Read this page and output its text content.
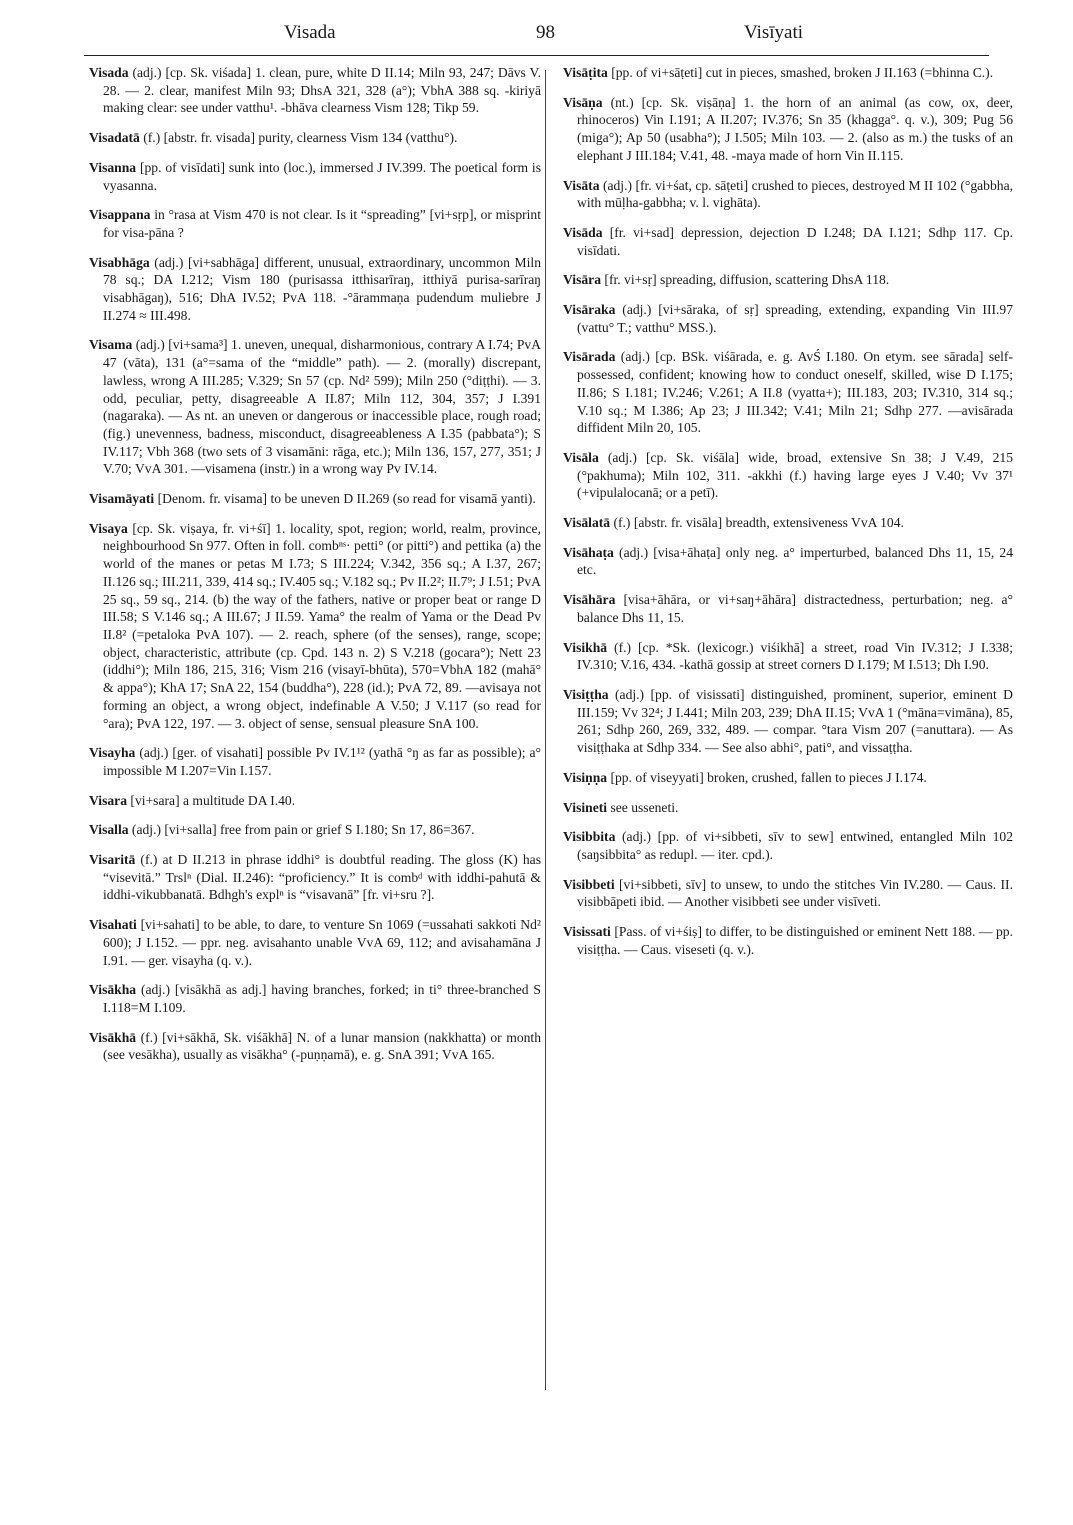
Visada	98	Visīyati

Visada (adj.) [cp. Sk. viśada] 1. clean, pure, white D II.14; Miln 93, 247; Dāvs V. 28. — 2. clear, manifest Miln 93; DhsA 321, 328 (a°); VbhA 388 sq. -kiriyā making clear: see under vatthu¹. -bhāva clearness Vism 128; Tikp 59.

Visadatā (f.) [abstr. fr. visada] purity, clearness Vism 134 (vatthu°).

Visanna [pp. of visīdati] sunk into (loc.), immersed J IV.399. The poetical form is vyasanna.

Visappana in °rasa at Vism 470 is not clear. Is it “spreading” [vi+sṛp], or misprint for visa-pāna ?

Visabhāga (adj.) [vi+sabhāga] different, unusual, extraordinary, uncommon Miln 78 sq.; DA I.212; Vism 180 (purisassa itthisarīraŋ, itthiyā purisa-sarīraŋ visabhāgaŋ), 516; DhA IV.52; PvA 118. -°ārammaṇa pudendum muliebre J II.274 ≈ III.498.

Visama (adj.) [vi+sama³] 1. uneven, unequal, disharmonious, contrary A I.74; PvA 47 (vāta), 131 (a°=sama of the “middle” path). — 2. (morally) discrepant, lawless, wrong A III.285; V.329; Sn 57 (cp. Nd² 599); Miln 250 (°diṭṭhi). — 3. odd, peculiar, petty, disagreeable A II.87; Miln 112, 304, 357; J I.391 (nagaraka). — As nt. an uneven or dangerous or inaccessible place, rough road; (fig.) unevenness, badness, misconduct, disagreeableness A I.35 (pabbata°); S IV.117; Vbh 368 (two sets of 3 visamāni: rāga, etc.); Miln 136, 157, 277, 351; J V.70; VvA 301. —visamena (instr.) in a wrong way Pv IV.14.

Visamāyati [Denom. fr. visama] to be uneven D II.269 (so read for visamā yanti).

Visaya [cp. Sk. viṣaya, fr. vi+śī] 1. locality, spot, region; world, realm, province, neighbourhood Sn 977. Often in foll. combⁿˢ· petti° (or pitti°) and pettika (a) the world of the manes or petas M I.73; S III.224; V.342, 356 sq.; A I.37, 267; II.126 sq.; III.211, 339, 414 sq.; IV.405 sq.; V.182 sq.; Pv II.2²; II.7⁹; J I.51; PvA 25 sq., 59 sq., 214. (b) the way of the fathers, native or proper beat or range D III.58; S V.146 sq.; A III.67; J II.59. Yama° the realm of Yama or the Dead Pv II.8² (=petaloka PvA 107). — 2. reach, sphere (of the senses), range, scope; object, characteristic, attribute (cp. Cpd. 143 n. 2) S V.218 (gocara°); Nett 23 (iddhi°); Miln 186, 215, 316; Vism 216 (visayī-bhūta), 570=VbhA 182 (mahā° & appa°); KhA 17; SnA 22, 154 (buddha°), 228 (id.); PvA 72, 89. —avisaya not forming an object, a wrong object, indefinable A V.50; J V.117 (so read for °ara); PvA 122, 197. — 3. object of sense, sensual pleasure SnA 100.

Visayha (adj.) [ger. of visahati] possible Pv IV.1¹² (yathā °ŋ as far as possible); a° impossible M I.207=Vin I.157.

Visara [vi+sara] a multitude DA I.40.

Visalla (adj.) [vi+salla] free from pain or grief S I.180; Sn 17, 86=367.

Visaritā (f.) at D II.213 in phrase iddhi° is doubtful reading. The gloss (K) has “visevitā.” Trslⁿ (Dial. II.246): “proficiency.” It is combᵈ with iddhi-pahutā & iddhi-vikubbanatā. Bdhgh's explⁿ is “visavanā” [fr. vi+sru ?].

Visahati [vi+sahati] to be able, to dare, to venture Sn 1069 (=ussahati sakkoti Nd² 600); J I.152. — ppr. neg. avisahanto unable VvA 69, 112; and avisahamāna J I.91. — ger. visayha (q. v.).

Visākha (adj.) [visākhā as adj.] having branches, forked; in ti° three-branched S I.118=M I.109.

Visākhā (f.) [vi+sākhā, Sk. viśākhā] N. of a lunar mansion (nakkhatta) or month (see vesākha), usually as visākha° (-puṇṇamā), e. g. SnA 391; VvA 165.

Visāṭita [pp. of vi+sāṭeti] cut in pieces, smashed, broken J II.163 (=bhinna C.).

Visāṇa (nt.) [cp. Sk. viṣāṇa] 1. the horn of an animal (as cow, ox, deer, rhinoceros) Vin I.191; A II.207; IV.376; Sn 35 (khagga°. q. v.), 309; Pug 56 (miga°); Ap 50 (usabha°); J I.505; Miln 103. — 2. (also as m.) the tusks of an elephant J III.184; V.41, 48. -maya made of horn Vin II.115.

Visāta (adj.) [fr. vi+śat, cp. sāṭeti] crushed to pieces, destroyed M II 102 (°gabbha, with mūḷha-gabbha; v. l. vighāta).

Visāda [fr. vi+sad] depression, dejection D I.248; DA I.121; Sdhp 117. Cp. visīdati.

Visāra [fr. vi+sṛ] spreading, diffusion, scattering DhsA 118.

Visāraka (adj.) [vi+sāraka, of sṛ] spreading, extending, expanding Vin III.97 (vattu° T.; vatthu° MSS.).

Visārada (adj.) [cp. BSk. viśārada, e. g. AvŚ I.180. On etym. see sārada] self-possessed, confident; knowing how to conduct oneself, skilled, wise D I.175; II.86; S I.181; IV.246; V.261; A II.8 (vyatta+); III.183, 203; IV.310, 314 sq.; V.10 sq.; M I.386; Ap 23; J III.342; V.41; Miln 21; Sdhp 277. —avisārada diffident Miln 20, 105.

Visāla (adj.) [cp. Sk. viśāla] wide, broad, extensive Sn 38; J V.49, 215 (°pakhuma); Miln 102, 311. -akkhi (f.) having large eyes J V.40; Vv 37¹ (+vipulalocanā; or a petī).

Visālatā (f.) [abstr. fr. visāla] breadth, extensiveness VvA 104.

Visāhaṭa (adj.) [visa+āhaṭa] only neg. a° imperturbed, balanced Dhs 11, 15, 24 etc.

Visāhāra [visa+āhāra, or vi+saŋ+āhāra] distractedness, perturbation; neg. a° balance Dhs 11, 15.

Visikhā (f.) [cp. *Sk. (lexicogr.) viśikhā] a street, road Vin IV.312; J I.338; IV.310; V.16, 434. -kathā gossip at street corners D I.179; M I.513; Dh I.90.

Visiṭṭha (adj.) [pp. of visissati] distinguished, prominent, superior, eminent D III.159; Vv 32⁴; J I.441; Miln 203, 239; DhA II.15; VvA 1 (°māna=vimāna), 85, 261; Sdhp 260, 269, 332, 489. — compar. °tara Vism 207 (=anuttara). — As visiṭṭhaka at Sdhp 334. — See also abhi°, pati°, and vissaṭṭha.

Visiṇṇa [pp. of viseyyati] broken, crushed, fallen to pieces J I.174.

Visineti see usseneti.

Visibbita (adj.) [pp. of vi+sibbeti, sīv to sew] entwined, entangled Miln 102 (saŋsibbita° as redupl. — iter. cpd.).

Visibbeti [vi+sibbeti, sīv] to unsew, to undo the stitches Vin IV.280. — Caus. II. visibbāpeti ibid. — Another visibbeti see under visīveti.

Visissati [Pass. of vi+śiṣ] to differ, to be distinguished or eminent Nett 188. — pp. visiṭṭha. — Caus. viseseti (q. v.).
